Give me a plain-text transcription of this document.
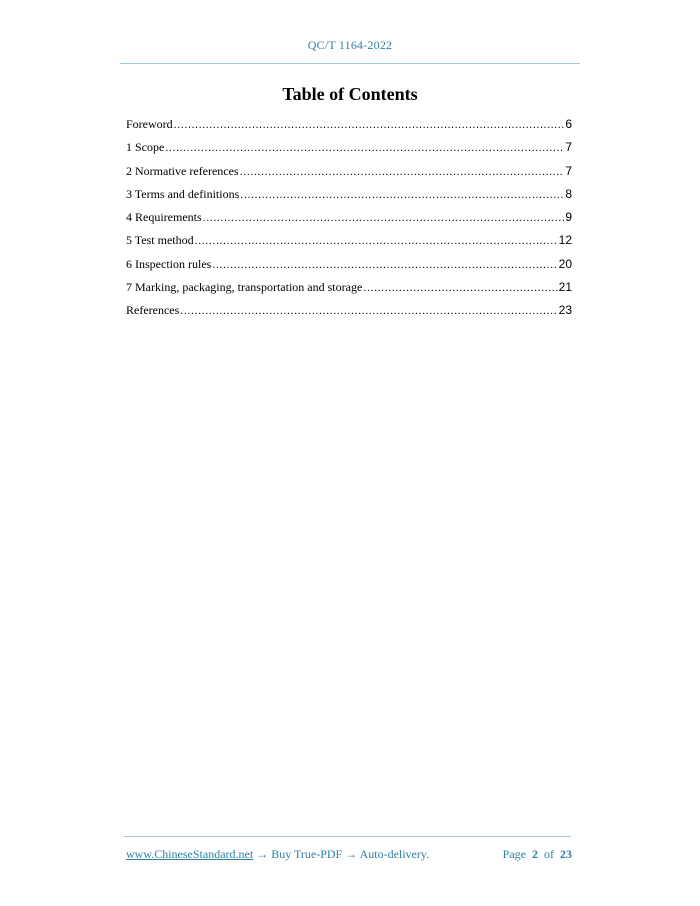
QC/T 1164-2022
Table of Contents
Foreword .....	6
1 Scope .....	7
2 Normative references .....	7
3 Terms and definitions .....	8
4 Requirements .....	9
5 Test method .....	12
6 Inspection rules .....	20
7 Marking, packaging, transportation and storage .....	21
References .....	23
www.ChineseStandard.net → Buy True-PDF → Auto-delivery.	Page 2 of 23
